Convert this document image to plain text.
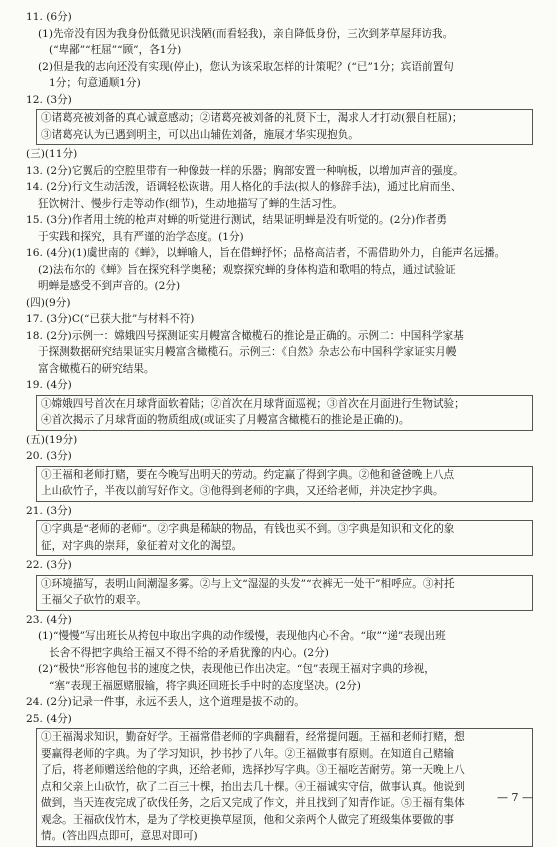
11. (6分)
(1)先帝没有因为我身份低微见识浅陋(而看轻我)，亲自降低身份，三次到茅草屋拜访我。
(“卑鄙”“枉屈”“顾”，各1分)
(2)但是我的志向还没有实现(停止)，您认为该采取怎样的计策呢？(“已”1分；宾语前置句
1分；句意通顺1分)
12. (3分)
①诸葛亮被刘备的真心诚意感动；②诸葛亮被刘备的礼贤下士，渴求人才打动(猥自枉屈)；
③诸葛亮认为已遇到明主，可以出山辅佐刘备，施展才华实现抱负。
(三)(11分)
13. (2分)它翼后的空腔里带有一种像鼓一样的乐器；胸部安置一种响板，以增加声音的强度。
14. (2分)行文生动活泼，语调轻松诙谐。用人格化的手法(拟人的修辞手法)，通过比肩而坐、
狂饮树汁、慢步行走等动作(细节)，生动地描写了蝉的生活习性。
15. (3分)作者用土统的枪声对蝉的听觉进行测试，结果证明蝉是没有听觉的。(2分)作者勇
于实践和探究，具有严谨的治学态度。(1分)
16. (4分)(1)虞世南的《蝉》，以蝉喻人，旨在借蝉抒怀；品格高洁者，不需借助外力，自能声名远播。
(2)法布尔的《蝉》旨在探究科学奥秘；观察探究蝉的身体构造和歌唱的特点，通过试验证
明蝉是感受不到声音的。(2分)
(四)(9分)
17. (3分)C(“已获大批”与材料不符)
18. (2分)示例一：嫦娥四号探测证实月幔富含橄榄石的推论是正确的。示例二：中国科学家基
于探测数据研究结果证实月幔富含橄榄石。示例三：《自然》杂志公布中国科学家证实月幔
富含橄榄石的研究结果。
19. (4分)
①嫦娥四号首次在月球背面软着陆；②首次在月球背面巡视；③首次在月面进行生物试验；
④首次揭示了月球背面的物质组成(或证实了月幔富含橄榄石的推论是正确的)。
(五)(19分)
20. (3分)
①王福和老师打赌，要在今晚写出明天的劳动。约定赢了得到字典。②他和爸爸晚上八点
上山砍竹子，半夜以前写好作文。③他得到老师的字典，又还给老师，并决定抄字典。
21. (3分)
①字典是“老师的老师”。②字典是稀缺的物品，有钱也买不到。③字典是知识和文化的象
征，对字典的崇拜，象征着对文化的渴望。
22. (3分)
①环境描写，表明山间潮湿多雾。②与上文“湿湿的头发”“衣裤无一处干”相呼应。③衬托
王福父子砍竹的艰辛。
23. (4分)
(1)“慢慢”写出班长从挎包中取出字典的动作缓慢，表现他内心不舍。“取”“递”表现出班
长舍不得把字典给王福又不得不给的矛盾犹豫的内心。(2分)
(2)“极快”形容他包书的速度之快，表现他已作出决定。“包”表现王福对字典的珍视，
“塞”表现王福愿赌服输，将字典还回班长手中时的态度坚决。(2分)
24. (2分)记录一件事，永远不丢人，这个道理是拔不动的。
25. (4分)
①王福渴求知识，勤奋好学。王福常借老师的字典翻看，经常提问题。王福和老师打赌，想
要赢得老师的字典。为了学习知识，抄书抄了八年。②王福做事有原则。在知道自己赌输
了后，将老师赠送给他的字典，还给老师，选择抄写字典。③王福吃苦耐劳。第一天晚上八
点和父亲上山砍竹，砍了二百三十棵，抬出去几十棵。④王福诚实守信，做事认真。他说到
做到，当天连夜完成了砍伐任务，之后又完成了作文，并且找到了知青作证。⑤王福有集体
观念。王福砍伐竹木，是为了学校更换草屋顶，他和父亲两个人做完了班级集体要做的事
情。(答出四点即可，意思对即可)
— 7 —
